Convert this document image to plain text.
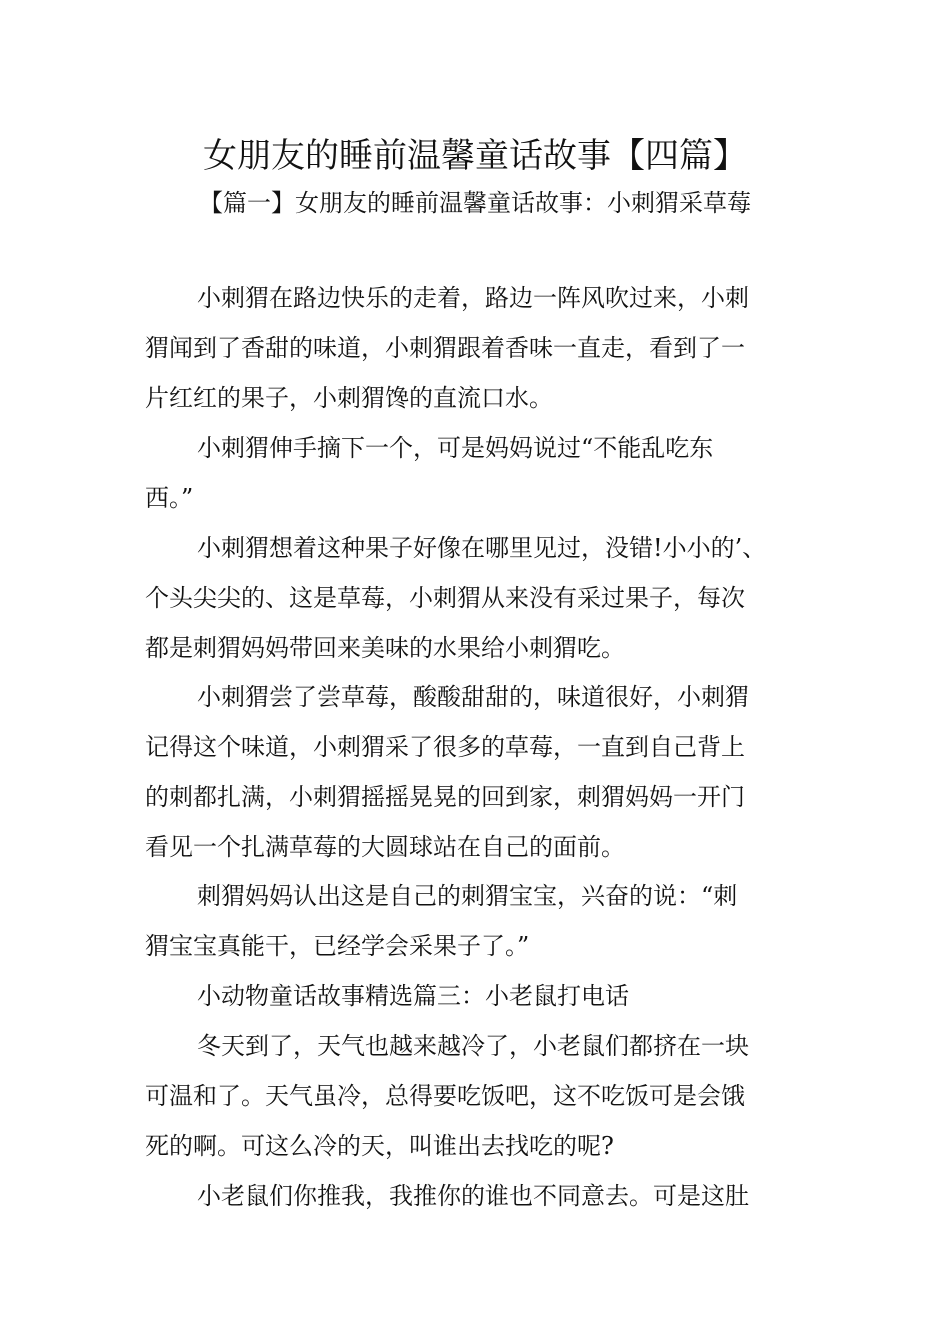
女朋友的睡前温馨童话故事【四篇】
【篇一】女朋友的睡前温馨童话故事：小刺猬采草莓
小刺猬在路边快乐的走着，路边一阵风吹过来，小刺
猬闻到了香甜的味道，小刺猬跟着香味一直走，看到了一
片红红的果子，小刺猬馋的直流口水。
小刺猬伸手摘下一个，可是妈妈说过“不能乱吃东
西。”
小刺猬想着这种果子好像在哪里见过，没错!小小的’、
个头尖尖的、这是草莓，小刺猬从来没有采过果子，每次
都是刺猬妈妈带回来美味的水果给小刺猬吃。
小刺猬尝了尝草莓，酸酸甜甜的，味道很好，小刺猬
记得这个味道，小刺猬采了很多的草莓，一直到自己背上
的刺都扎满，小刺猬摇摇晃晃的回到家，刺猬妈妈一开门
看见一个扎满草莓的大圆球站在自己的面前。
刺猬妈妈认出这是自己的刺猬宝宝，兴奋的说：“刺
猬宝宝真能干，已经学会采果子了。”
小动物童话故事精选篇三：小老鼠打电话
冬天到了，天气也越来越冷了，小老鼠们都挤在一块
可温和了。天气虽冷，总得要吃饭吧，这不吃饭可是会饿
死的啊。可这么冷的天，叫谁出去找吃的呢?
小老鼠们你推我，我推你的谁也不同意去。可是这肚
